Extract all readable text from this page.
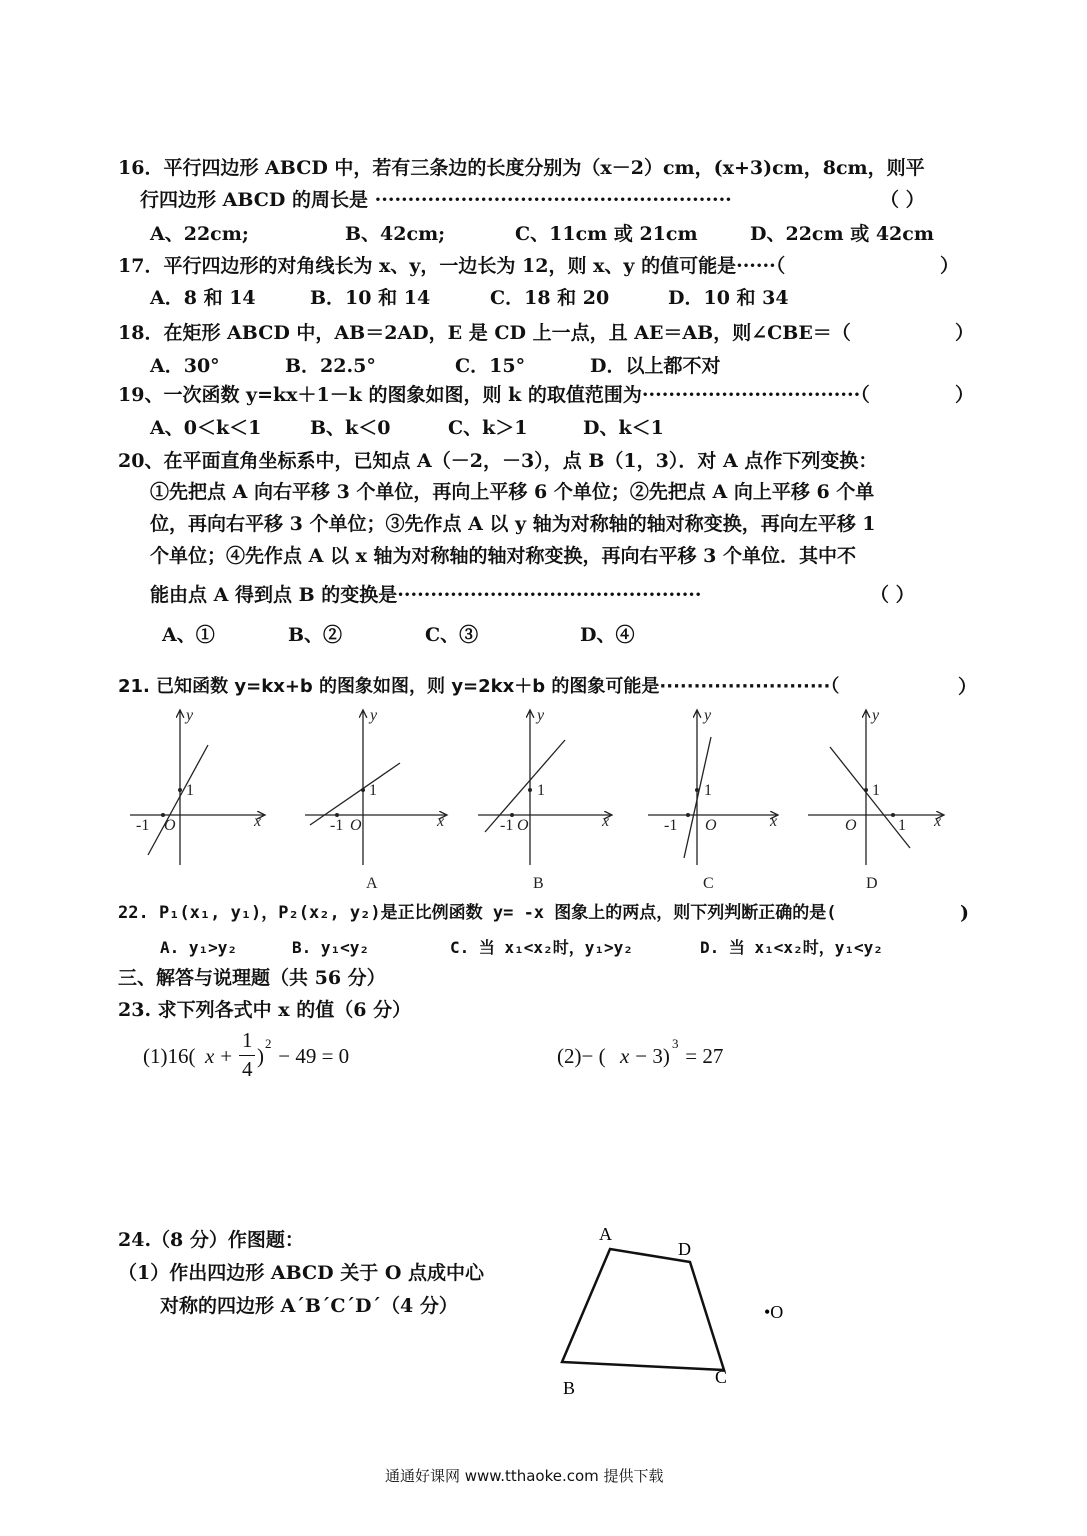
16．平行四边形 ABCD 中，若有三条边的长度分别为（x－2）cm，(x+3)cm，8cm，则平
行四边形 ABCD 的周长是 ······················································	（ ）
A、22cm;	B、42cm;	C、11cm 或 21cm	D、22cm 或 42cm
17．平行四边形的对角线长为 x、y，一边长为 12，则 x、y 的值可能是······（	）
A．8 和 14	B．10 和 14	C．18 和 20	D．10 和 34
18．在矩形 ABCD 中，AB＝2AD，E 是 CD 上一点，且 AE＝AB，则∠CBE＝（	）
A．30°	B．22.5°	C．15°	D．以上都不对
19、一次函数 y=kx＋1－k 的图象如图，则 k 的取值范围为·································（	）
A、0＜k＜1	B、k＜0	C、k＞1	D、k＜1
20、在平面直角坐标系中，已知点 A（－2，－3），点 B（1，3）．对 A 点作下列变换：
①先把点 A 向右平移 3 个单位，再向上平移 6 个单位；②先把点 A 向上平移 6 个单
位，再向右平移 3 个单位；③先作点 A 以 y 轴为对称轴的轴对称变换，再向左平移 1
个单位；④先作点 A 以 x 轴为对称轴的轴对称变换，再向右平移 3 个单位．其中不
能由点 A 得到点 B 的变换是··············································	（ ）
A、①	B、②	C、③	D、④
21. 已知函数 y=kx+b 的图象如图，则 y=2kx＋b 的图象可能是·························（	）
y
x
1
-1 O
y
x
1
-1 O
y
x
1
-1 O
y
x
1
-1 O
y
x
1
1
O
A	B	C	D
22. P₁(x₁, y₁)，P₂(x₂, y₂)是正比例函数 y= -x 图象上的两点，则下列判断正确的是(	)
A. y₁>y₂	B. y₁<y₂	C. 当 x₁<x₂时，y₁>y₂	D. 当 x₁<x₂时，y₁<y₂
三、解答与说理题（共 56 分）
23. 求下列各式中 x 的值（6 分）
(1)16( x +
1
4
)
2
− 49 = 0	(2)− ( x − 3)
3
= 27
24.（8 分）作图题：
（1）作出四边形 ABCD 关于 O 点成中心
对称的四边形 A´B´C´D´（4 分）
A
D
C
B
•O
通通好课网 www.tthaoke.com 提供下载
